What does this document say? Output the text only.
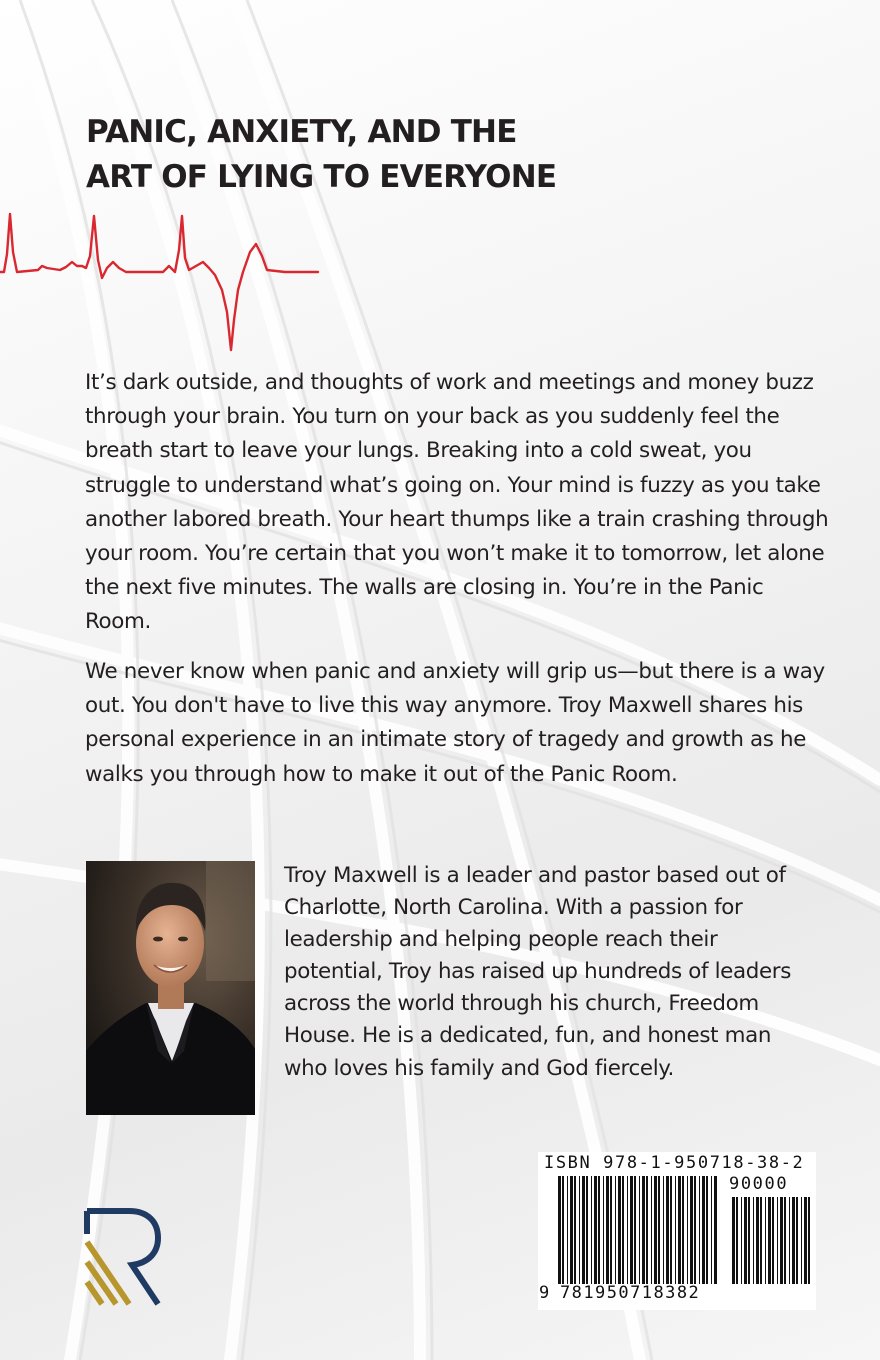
PANIC, ANXIETY, AND THE
ART OF LYING TO EVERYONE

It’s dark outside, and thoughts of work and meetings and money buzz through your brain. You turn on your back as you suddenly feel the breath start to leave your lungs. Breaking into a cold sweat, you struggle to understand what’s going on. Your mind is fuzzy as you take another labored breath. Your heart thumps like a train crashing through your room. You’re certain that you won’t make it to tomorrow, let alone the next five minutes. The walls are closing in. You’re in the Panic Room.

We never know when panic and anxiety will grip us—but there is a way out. You don't have to live this way anymore. Troy Maxwell shares his personal experience in an intimate story of tragedy and growth as he walks you through how to make it out of the Panic Room.

Troy Maxwell is a leader and pastor based out of Charlotte, North Carolina. With a passion for leadership and helping people reach their potential, Troy has raised up hundreds of leaders across the world through his church, Freedom House. He is a dedicated, fun, and honest man who loves his family and God fiercely.

ISBN 978-1-950718-38-2
90000
9 781950718382
